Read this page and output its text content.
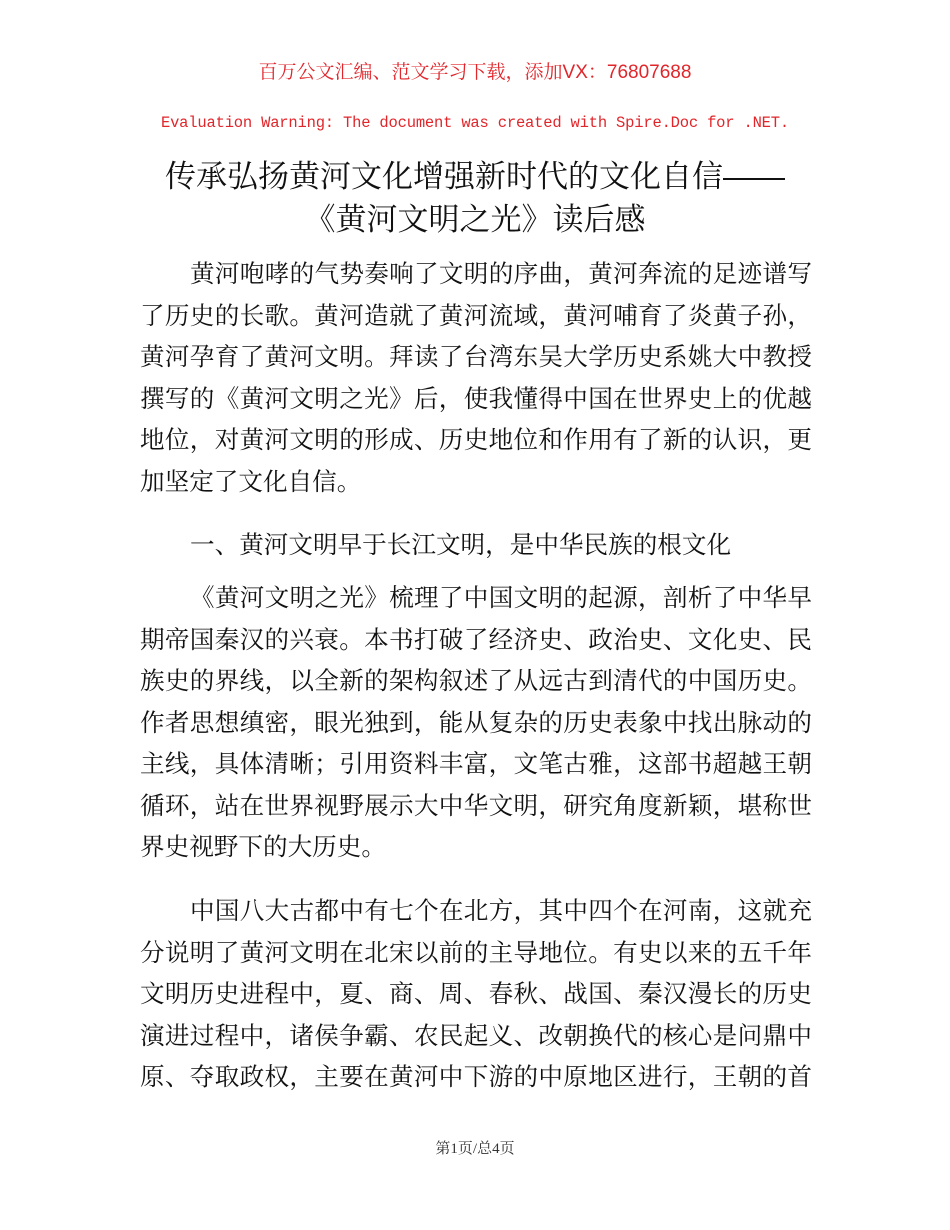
百万公文汇编、范文学习下载，添加VX：76807688
Evaluation Warning: The document was created with Spire.Doc for .NET.
传承弘扬黄河文化增强新时代的文化自信——
《黄河文明之光》读后感
黄河咆哮的气势奏响了文明的序曲，黄河奔流的足迹谱写
了历史的长歌。黄河造就了黄河流域，黄河哺育了炎黄子孙，
黄河孕育了黄河文明。拜读了台湾东吴大学历史系姚大中教授
撰写的《黄河文明之光》后，使我懂得中国在世界史上的优越
地位，对黄河文明的形成、历史地位和作用有了新的认识，更
加坚定了文化自信。
一、黄河文明早于长江文明，是中华民族的根文化
《黄河文明之光》梳理了中国文明的起源，剖析了中华早
期帝国秦汉的兴衰。本书打破了经济史、政治史、文化史、民
族史的界线，以全新的架构叙述了从远古到清代的中国历史。
作者思想缜密，眼光独到，能从复杂的历史表象中找出脉动的
主线，具体清晰；引用资料丰富，文笔古雅，这部书超越王朝
循环，站在世界视野展示大中华文明，研究角度新颖，堪称世
界史视野下的大历史。
中国八大古都中有七个在北方，其中四个在河南，这就充
分说明了黄河文明在北宋以前的主导地位。有史以来的五千年
文明历史进程中，夏、商、周、春秋、战国、秦汉漫长的历史
演进过程中，诸侯争霸、农民起义、改朝换代的核心是问鼎中
原、夺取政权，主要在黄河中下游的中原地区进行，王朝的首
第1页/总4页
